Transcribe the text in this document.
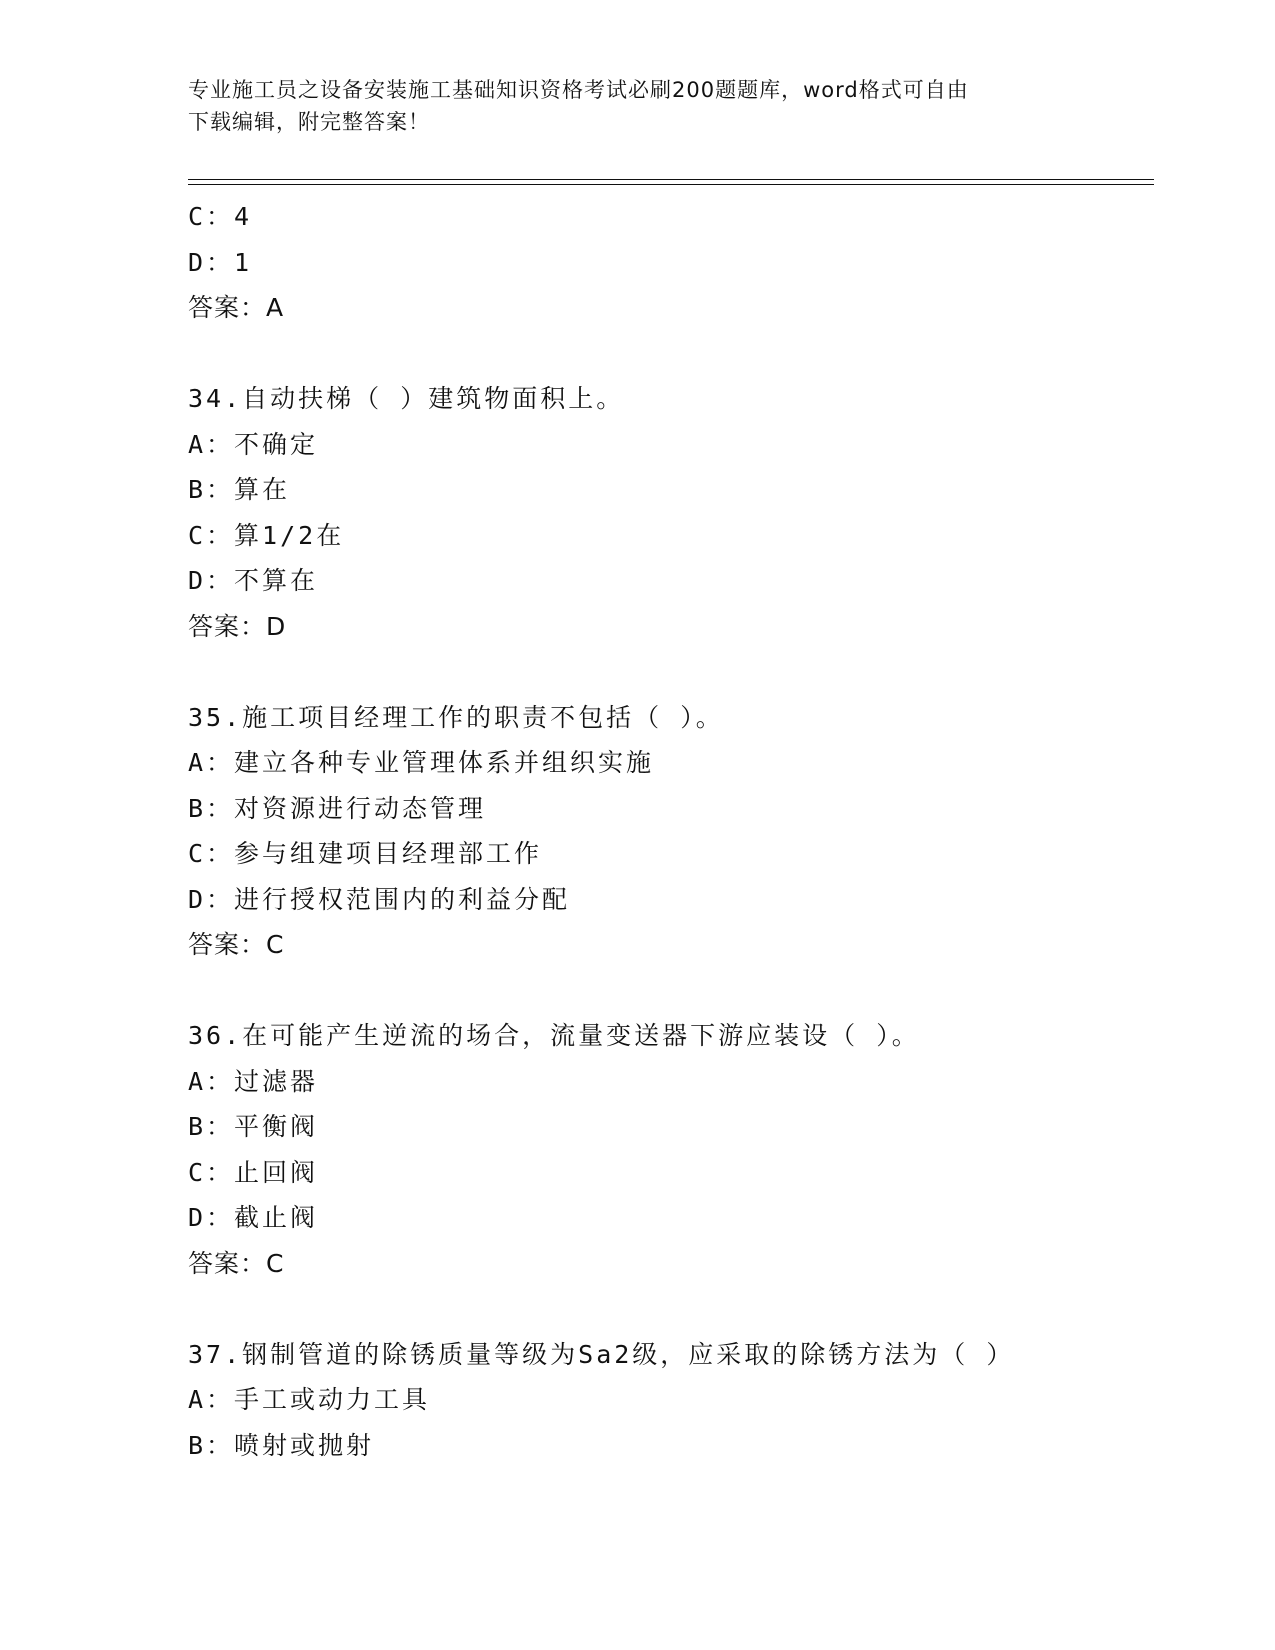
专业施工员之设备安装施工基础知识资格考试必刷200题题库，word格式可自由
下载编辑，附完整答案！
C：4
D：1
答案：A
34.自动扶梯（ ）建筑物面积上。
A：不确定
B：算在
C：算1/2在
D：不算在
答案：D
35.施工项目经理工作的职责不包括（ ）。
A：建立各种专业管理体系并组织实施
B：对资源进行动态管理
C：参与组建项目经理部工作
D：进行授权范围内的利益分配
答案：C
36.在可能产生逆流的场合，流量变送器下游应装设（ ）。
A：过滤器
B：平衡阀
C：止回阀
D：截止阀
答案：C
37.钢制管道的除锈质量等级为Sa2级，应采取的除锈方法为（ ）
A：手工或动力工具
B：喷射或抛射
